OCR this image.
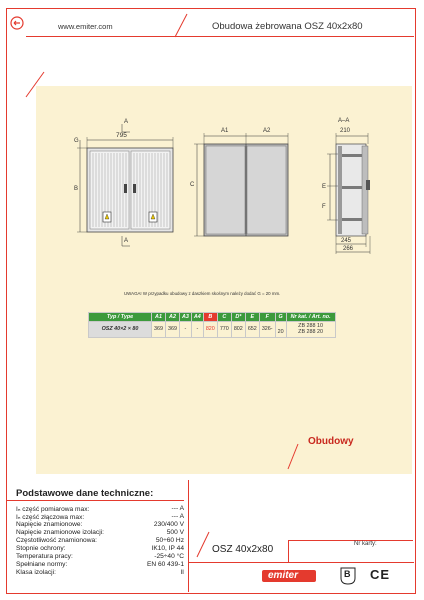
www.emiter.com	Obudowa żebrowana OSZ 40x2x80
795
A
A
G
B
A1	A2
C
A–A
210
E
F
245
266
UWAGA! W przypadku obudowy z daszkiem skośnym należy dodać G = 20 mm.
Typ / Type	A1	A2	A3	A4	B	C	D*	E	F	G	Nr kat. / Art. no.
OSZ 40×2 × 80	369	369	-	-	820	770	802	652	326-	20	ZB 288 10
ZB 288 20
Obudowy
Podstawowe dane techniczne:
Iₙ część pomiarowa max:	--- A
Iₙ część złączowa max:	--- A
Napięcie znamionowe:	230/400 V
Napięcie znamionowe izolacji:	500 V
Częstotliwość znamionowa:	50÷60 Hz
Stopnie ochrony:	IK10, IP 44
Temperatura pracy:	-25÷40 °C
Spełniane normy:	EN 60 439-1
Klasa izolacji:	II
OSZ 40x2x80	Nr karty:
emiter	B CE
